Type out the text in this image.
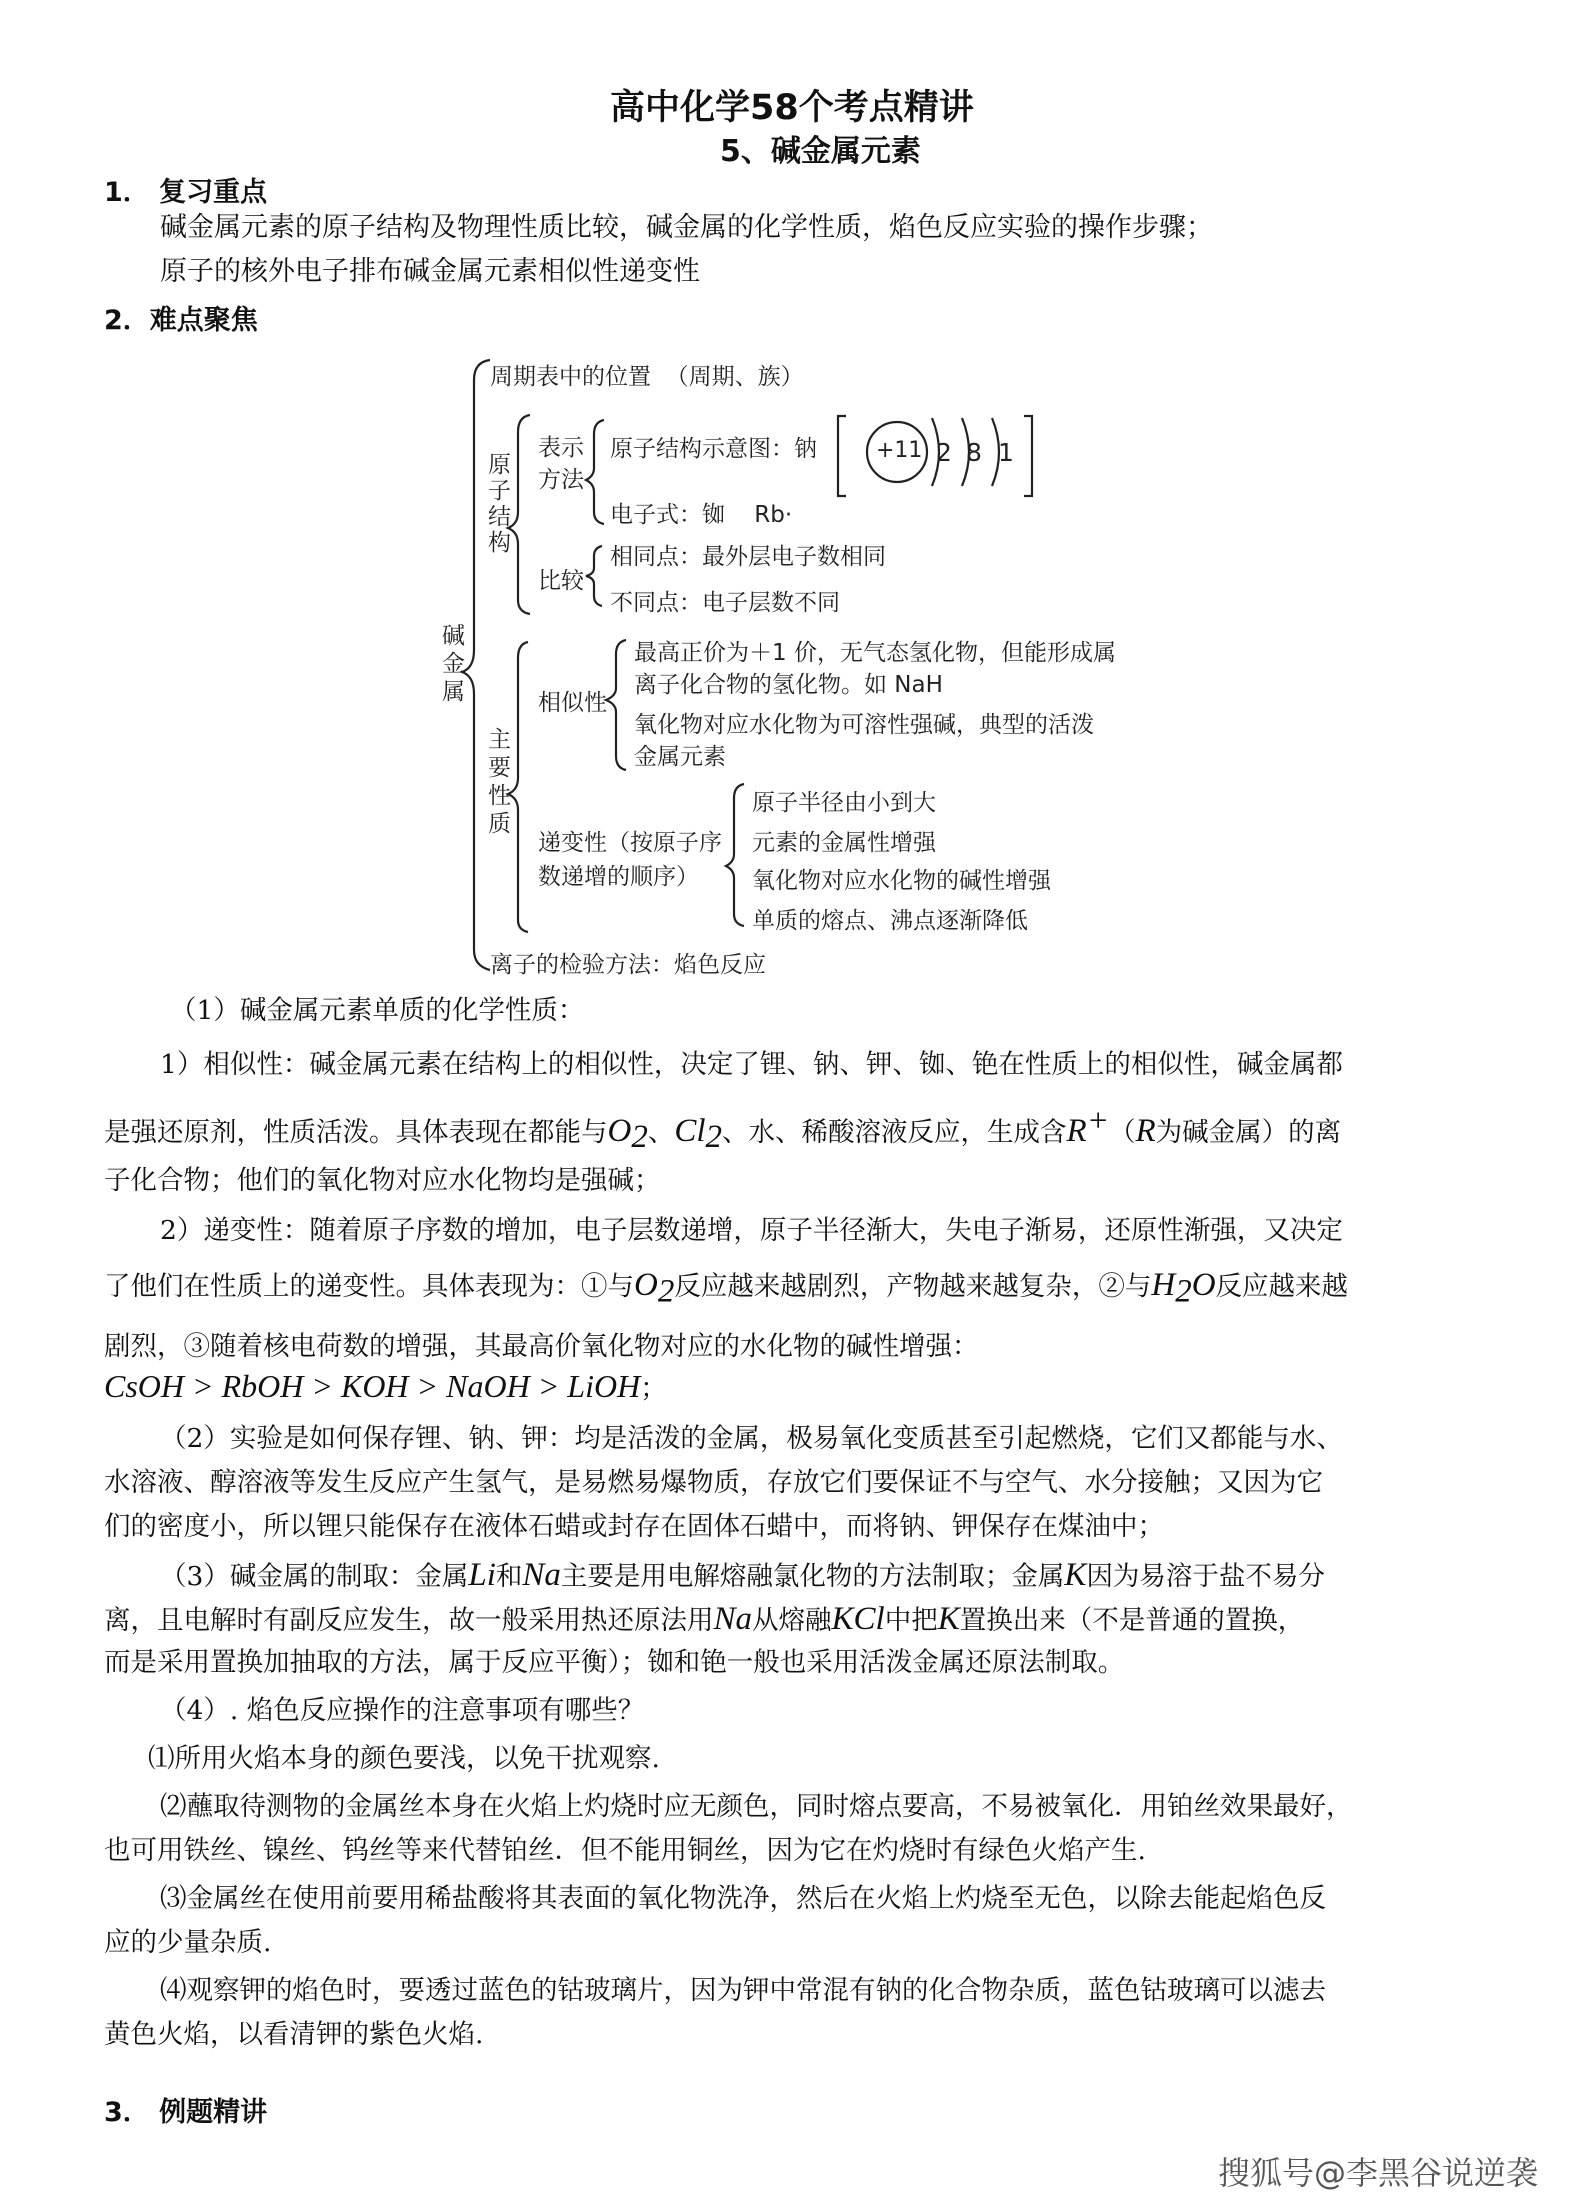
高中化学58个考点精讲
5、碱金属元素
1． 复习重点
碱金属元素的原子结构及物理性质比较，碱金属的化学性质，焰色反应实验的操作步骤；
原子的核外电子排布碱金属元素相似性递变性
2．难点聚焦
周期表中的位置  （周期、族）
碱
金
属
原
子
结
构
表示
方法
原子结构示意图：钠	+11 2 8 1
电子式：铷    Rb·
比较
相同点：最外层电子数相同
不同点：电子层数不同
主
要
性
质
相似性
最高正价为＋1 价，无气态氢化物，但能形成属
离子化合物的氢化物。如 NaH
氧化物对应水化物为可溶性强碱，典型的活泼
金属元素
递变性（按原子序
数递增的顺序）
原子半径由小到大
元素的金属性增强
氧化物对应水化物的碱性增强
单质的熔点、沸点逐渐降低
离子的检验方法：焰色反应
（1）碱金属元素单质的化学性质：
1）相似性：碱金属元素在结构上的相似性，决定了锂、钠、钾、铷、铯在性质上的相似性，碱金属都
是强还原剂，性质活泼。具体表现在都能与$O_2$、$Cl_2$、水、稀酸溶液反应，生成含R+（R为碱金属）的离
子化合物；他们的氧化物对应水化物均是强碱；
2）递变性：随着原子序数的增加，电子层数递增，原子半径渐大，失电子渐易，还原性渐强，又决定
了他们在性质上的递变性。具体表现为：①与$O_2$反应越来越剧烈，产物越来越复杂，②与$H_2O$反应越来越
剧烈，③随着核电荷数的增强，其最高价氧化物对应的水化物的碱性增强：
CsOH > RbOH > KOH > NaOH > LiOH；
（2）实验是如何保存锂、钠、钾：均是活泼的金属，极易氧化变质甚至引起燃烧，它们又都能与水、
水溶液、醇溶液等发生反应产生氢气，是易燃易爆物质，存放它们要保证不与空气、水分接触；又因为它
们的密度小，所以锂只能保存在液体石蜡或封存在固体石蜡中，而将钠、钾保存在煤油中；
（3）碱金属的制取：金属Li和Na主要是用电解熔融氯化物的方法制取；金属K因为易溶于盐不易分
离，且电解时有副反应发生，故一般采用热还原法用Na从熔融KCl中把K置换出来（不是普通的置换，
而是采用置换加抽取的方法，属于反应平衡）；铷和铯一般也采用活泼金属还原法制取。
（4）. 焰色反应操作的注意事项有哪些？
⑴所用火焰本身的颜色要浅，以免干扰观察.
⑵蘸取待测物的金属丝本身在火焰上灼烧时应无颜色，同时熔点要高，不易被氧化．用铂丝效果最好，
也可用铁丝、镍丝、钨丝等来代替铂丝．但不能用铜丝，因为它在灼烧时有绿色火焰产生.
⑶金属丝在使用前要用稀盐酸将其表面的氧化物洗净，然后在火焰上灼烧至无色，以除去能起焰色反
应的少量杂质.
⑷观察钾的焰色时，要透过蓝色的钴玻璃片，因为钾中常混有钠的化合物杂质，蓝色钴玻璃可以滤去
黄色火焰，以看清钾的紫色火焰.
3． 例题精讲
搜狐号@李黑谷说逆袭
